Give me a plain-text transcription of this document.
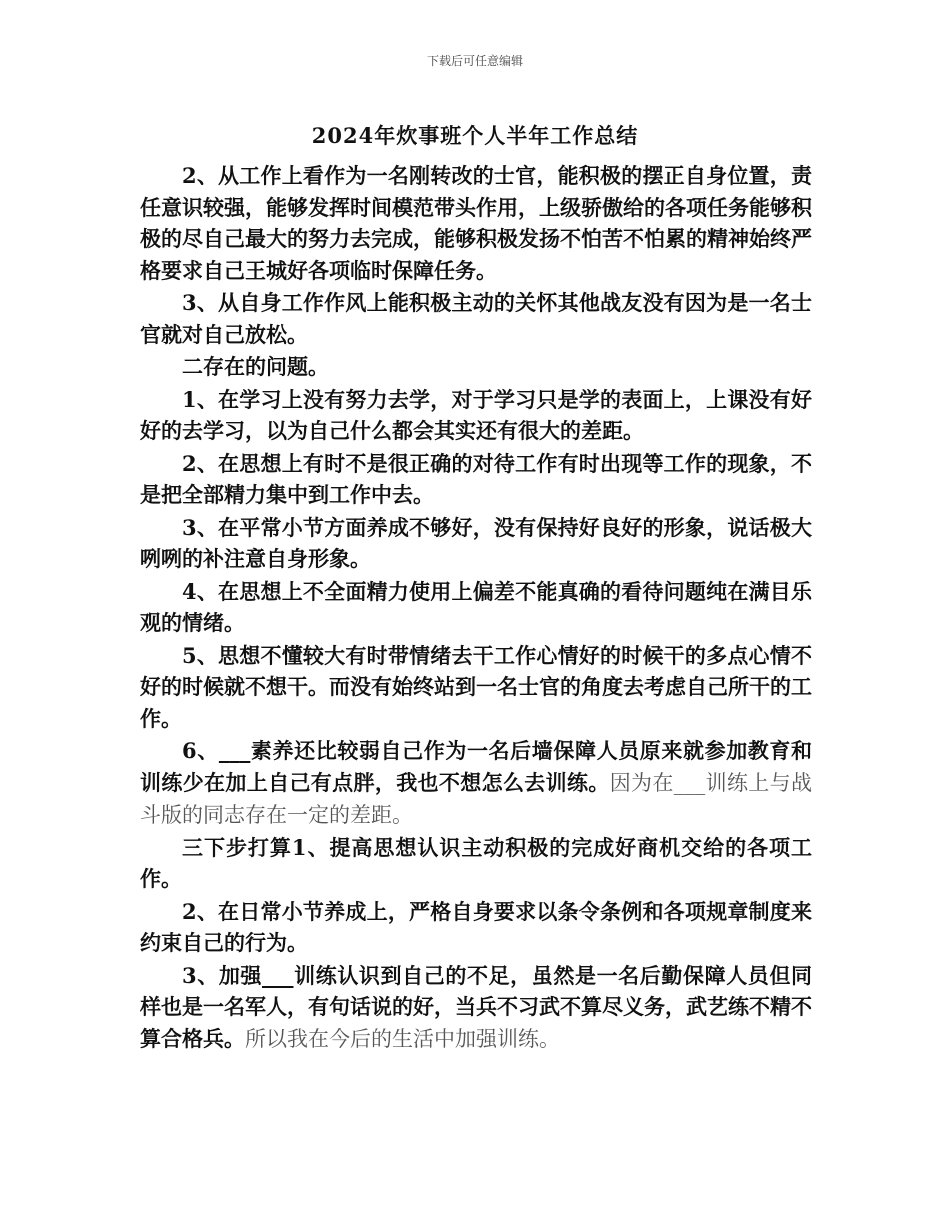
下载后可任意编辑
2024年炊事班个人半年工作总结

2、从工作上看作为一名刚转改的士官，能积极的摆正自身位置，责任意识较强，能够发挥时间模范带头作用，上级骄傲给的各项任务能够积极的尽自己最大的努力去完成，能够积极发扬不怕苦不怕累的精神始终严格要求自己王城好各项临时保障任务。

3、从自身工作作风上能积极主动的关怀其他战友没有因为是一名士官就对自己放松。

二存在的问题。

1、在学习上没有努力去学，对于学习只是学的表面上，上课没有好好的去学习，以为自己什么都会其实还有很大的差距。

2、在思想上有时不是很正确的对待工作有时出现等工作的现象，不是把全部精力集中到工作中去。

3、在平常小节方面养成不够好，没有保持好良好的形象，说话极大咧咧的补注意自身形象。

4、在思想上不全面精力使用上偏差不能真确的看待问题纯在满目乐观的情绪。

5、思想不懂较大有时带情绪去干工作心情好的时候干的多点心情不好的时候就不想干。而没有始终站到一名士官的角度去考虑自己所干的工作。

6、___素养还比较弱自己作为一名后墙保障人员原来就参加教育和训练少在加上自己有点胖，我也不想怎么去训练。因为在___训练上与战斗版的同志存在一定的差距。

三下步打算1、提高思想认识主动积极的完成好商机交给的各项工作。

2、在日常小节养成上，严格自身要求以条令条例和各项规章制度来约束自己的行为。

3、加强___训练认识到自己的不足，虽然是一名后勤保障人员但同样也是一名军人，有句话说的好，当兵不习武不算尽义务，武艺练不精不算合格兵。所以我在今后的生活中加强训练。
